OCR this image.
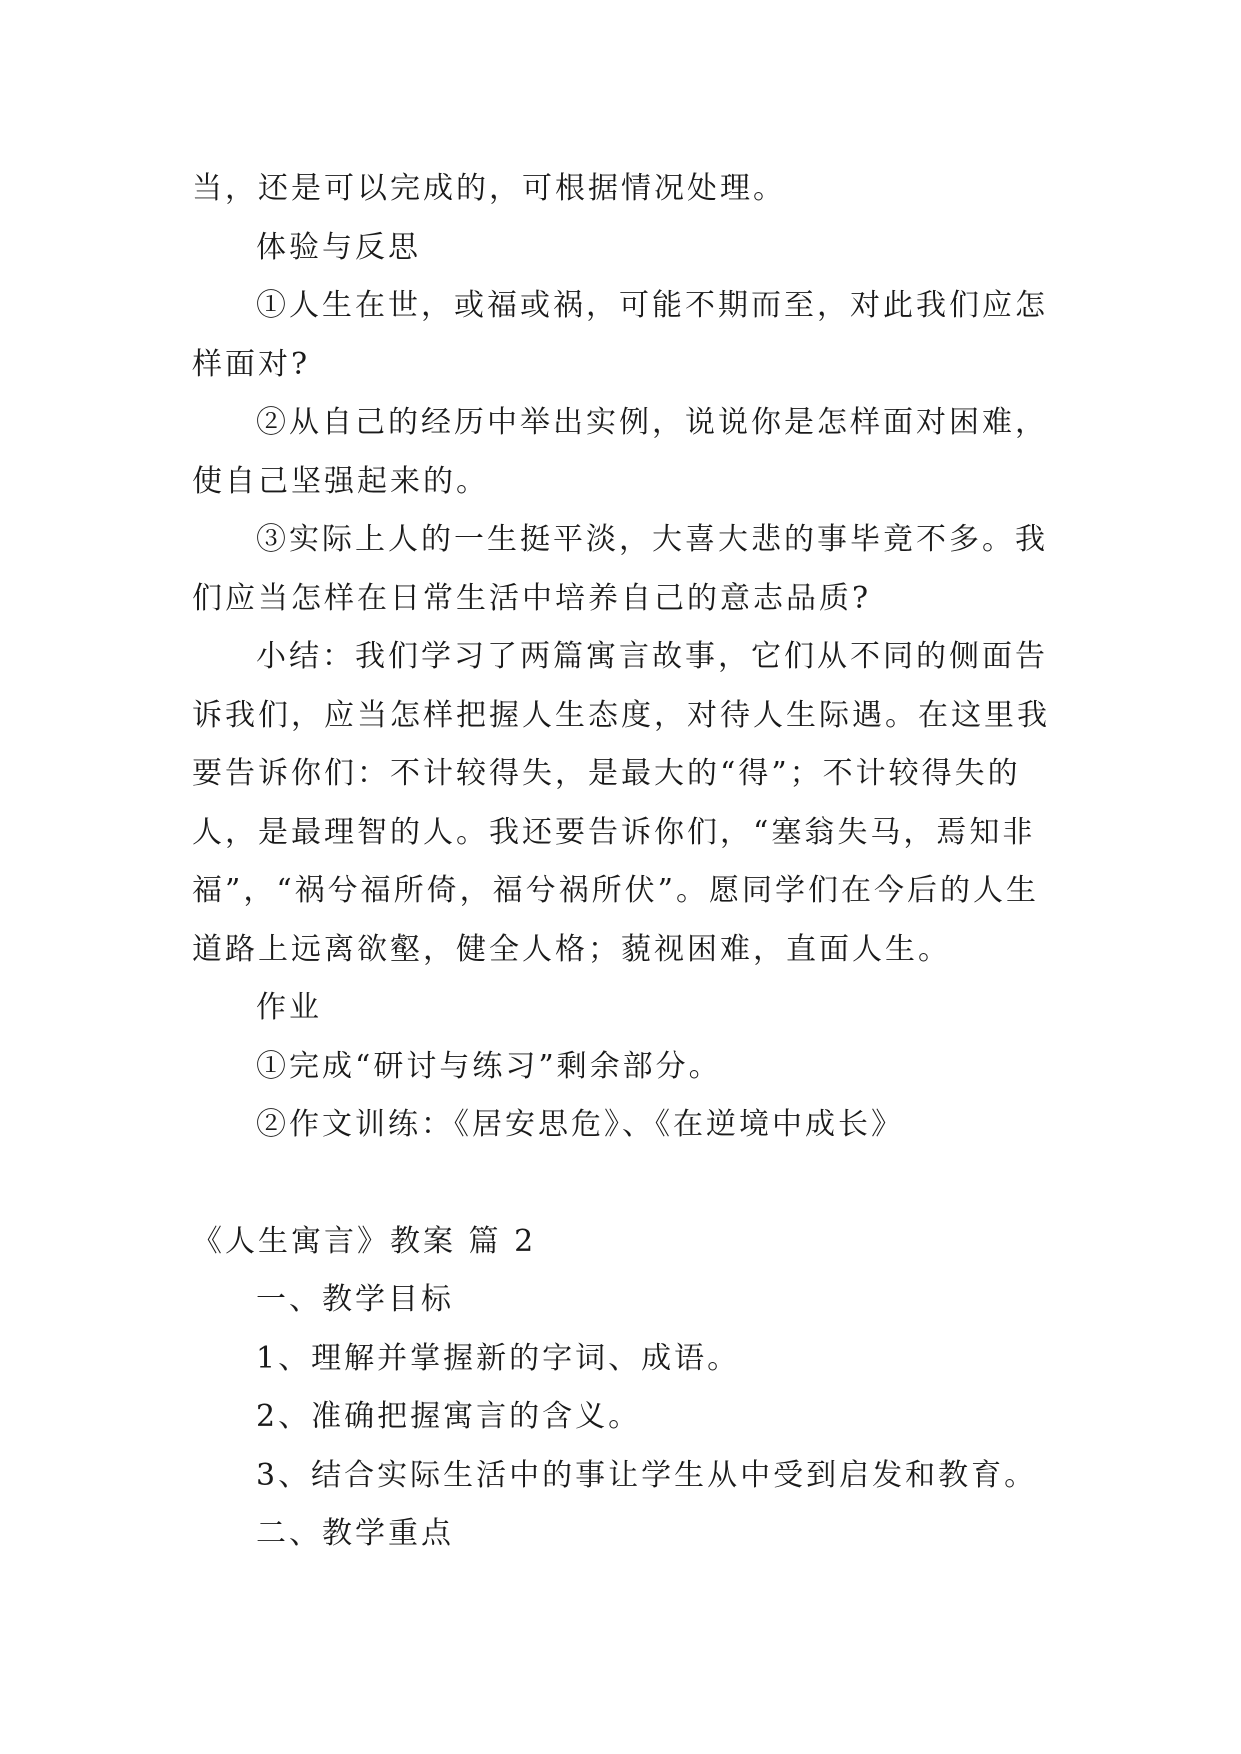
当，还是可以完成的，可根据情况处理。
体验与反思
①人生在世，或福或祸，可能不期而至，对此我们应怎
样面对?
②从自己的经历中举出实例，说说你是怎样面对困难，
使自己坚强起来的。
③实际上人的一生挺平淡，大喜大悲的事毕竟不多。我
们应当怎样在日常生活中培养自己的意志品质?
小结：我们学习了两篇寓言故事，它们从不同的侧面告
诉我们，应当怎样把握人生态度，对待人生际遇。在这里我
要告诉你们：不计较得失，是最大的“得”；不计较得失的
人，是最理智的人。我还要告诉你们，“塞翁失马，焉知非
福”，“祸兮福所倚，福兮祸所伏”。愿同学们在今后的人生
道路上远离欲壑，健全人格；藐视困难，直面人生。
作业
①完成“研讨与练习”剩余部分。
②作文训练：《居安思危》、《在逆境中成长》
《人生寓言》教案 篇 2
一、教学目标
1、理解并掌握新的字词、成语。
2、准确把握寓言的含义。
3、结合实际生活中的事让学生从中受到启发和教育。
二、教学重点
